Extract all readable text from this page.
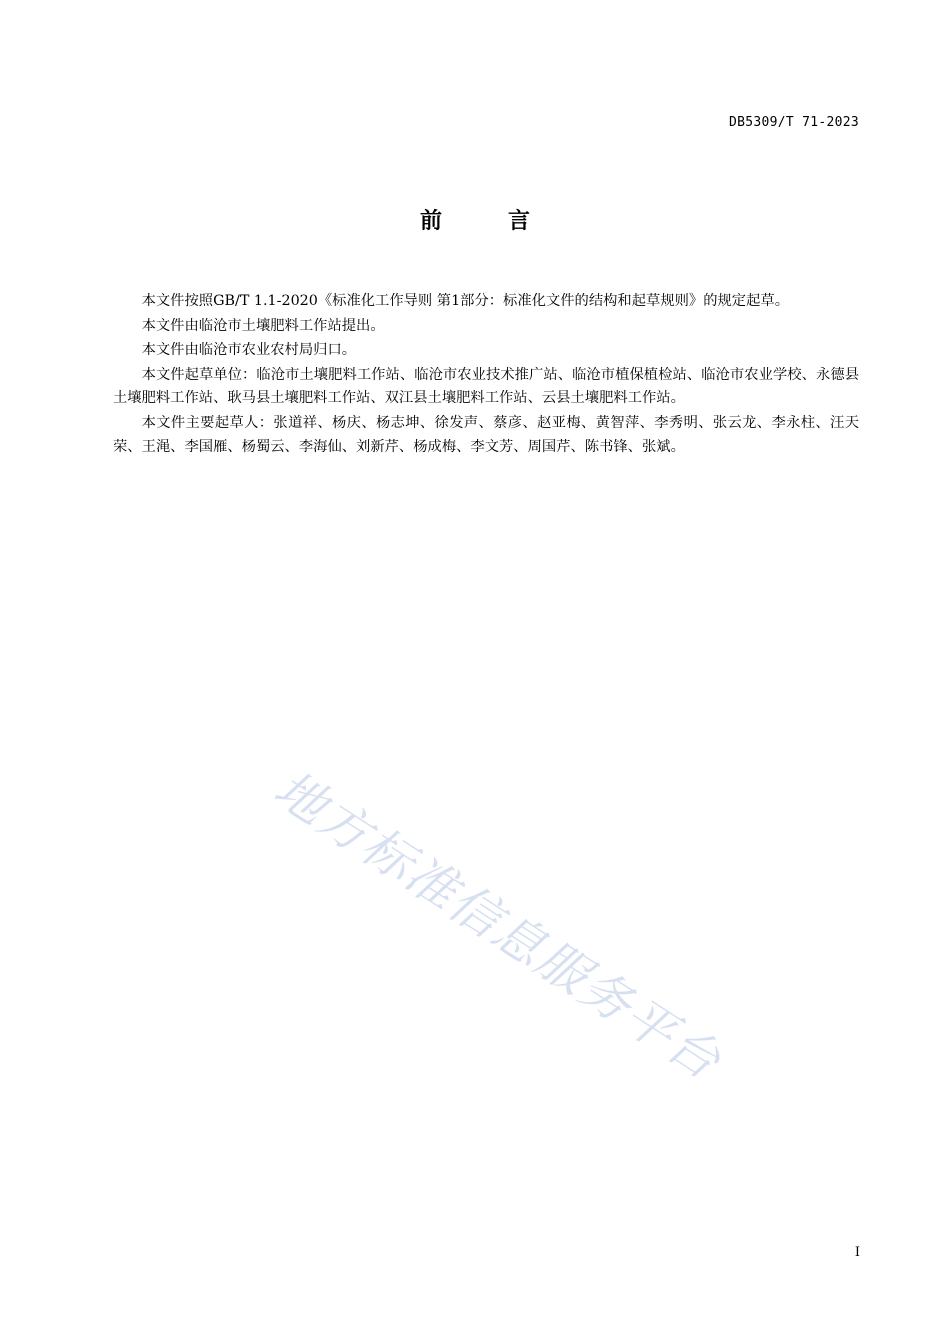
DB5309/T 71-2023
前言

本文件按照GB/T 1.1-2020《标准化工作导则 第1部分：标准化文件的结构和起草规则》的规定起草。

本文件由临沧市土壤肥料工作站提出。

本文件由临沧市农业农村局归口。

本文件起草单位：临沧市土壤肥料工作站、临沧市农业技术推广站、临沧市植保植检站、临沧市农业学校、永德县土壤肥料工作站、耿马县土壤肥料工作站、双江县土壤肥料工作站、云县土壤肥料工作站。

本文件主要起草人：张道祥、杨庆、杨志坤、徐发声、蔡彦、赵亚梅、黄智萍、李秀明、张云龙、李永柱、汪天荣、王渑、李国雁、杨蜀云、李海仙、刘新芹、杨成梅、李文芳、周国芹、陈书锋、张斌。

地方标准信息服务平台
I
